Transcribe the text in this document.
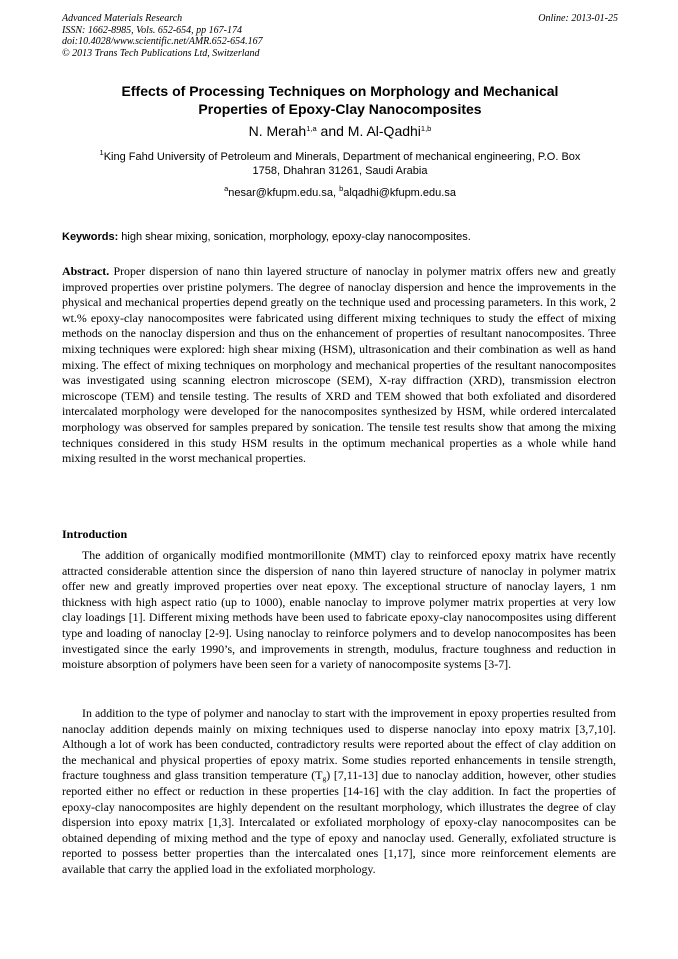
Advanced Materials Research
ISSN: 1662-8985, Vols. 652-654, pp 167-174
doi:10.4028/www.scientific.net/AMR.652-654.167
© 2013 Trans Tech Publications Ltd, Switzerland
Online: 2013-01-25
Effects of Processing Techniques on Morphology and Mechanical
Properties of Epoxy-Clay Nanocomposites
N. Merah$^{1,a}$ and M. Al-Qadhi$^{1,b}$
$^1$King Fahd University of Petroleum and Minerals, Department of mechanical engineering, P.O. Box
1758, Dhahran 31261, Saudi Arabia
$^a$nesar@kfupm.edu.sa, $^b$alqadhi@kfupm.edu.sa
Keywords: high shear mixing, sonication, morphology, epoxy-clay nanocomposites.
Abstract. Proper dispersion of nano thin layered structure of nanoclay in polymer matrix offers new and greatly improved properties over pristine polymers. The degree of nanoclay dispersion and hence the improvements in the physical and mechanical properties depend greatly on the technique used and processing parameters. In this work, 2 wt.% epoxy-clay nanocomposites were fabricated using different mixing techniques to study the effect of mixing methods on the nanoclay dispersion and thus on the enhancement of properties of resultant nanocomposites. Three mixing techniques were explored: high shear mixing (HSM), ultrasonication and their combination as well as hand mixing. The effect of mixing techniques on morphology and mechanical properties of the resultant nanocomposites was investigated using scanning electron microscope (SEM), X-ray diffraction (XRD), transmission electron microscope (TEM) and tensile testing. The results of XRD and TEM showed that both exfoliated and disordered intercalated morphology were developed for the nanocomposites synthesized by HSM, while ordered intercalated morphology was observed for samples prepared by sonication. The tensile test results show that among the mixing techniques considered in this study HSM results in the optimum mechanical properties as a whole while hand mixing resulted in the worst mechanical properties.
Introduction
The addition of organically modified montmorillonite (MMT) clay to reinforced epoxy matrix have recently attracted considerable attention since the dispersion of nano thin layered structure of nanoclay in polymer matrix offer new and greatly improved properties over neat epoxy. The exceptional structure of nanoclay layers, 1 nm thickness with high aspect ratio (up to 1000), enable nanoclay to improve polymer matrix properties at very low clay loadings [1]. Different mixing methods have been used to fabricate epoxy-clay nanocomposites using different type and loading of nanoclay [2-9]. Using nanoclay to reinforce polymers and to develop nanocomposites has been investigated since the early 1990’s, and improvements in strength, modulus, fracture toughness and reduction in moisture absorption of polymers have been seen for a variety of nanocomposite systems [3-7].
In addition to the type of polymer and nanoclay to start with the improvement in epoxy properties resulted from nanoclay addition depends mainly on mixing techniques used to disperse nanoclay into epoxy matrix [3,7,10]. Although a lot of work has been conducted, contradictory results were reported about the effect of clay addition on the mechanical and physical properties of epoxy matrix. Some studies reported enhancements in tensile strength, fracture toughness and glass transition temperature $(T_g)$ [7,11-13] due to nanoclay addition, however, other studies reported either no effect or reduction in these properties [14-16] with the clay addition. In fact the properties of epoxy-clay nanocomposites are highly dependent on the resultant morphology, which illustrates the degree of clay dispersion into epoxy matrix [1,3]. Intercalated or exfoliated morphology of epoxy-clay nanocomposites can be obtained depending of mixing method and the type of epoxy and nanoclay used. Generally, exfoliated structure is reported to possess better properties than the intercalated ones [1,17], since more reinforcement elements are available that carry the applied load in the exfoliated morphology.
